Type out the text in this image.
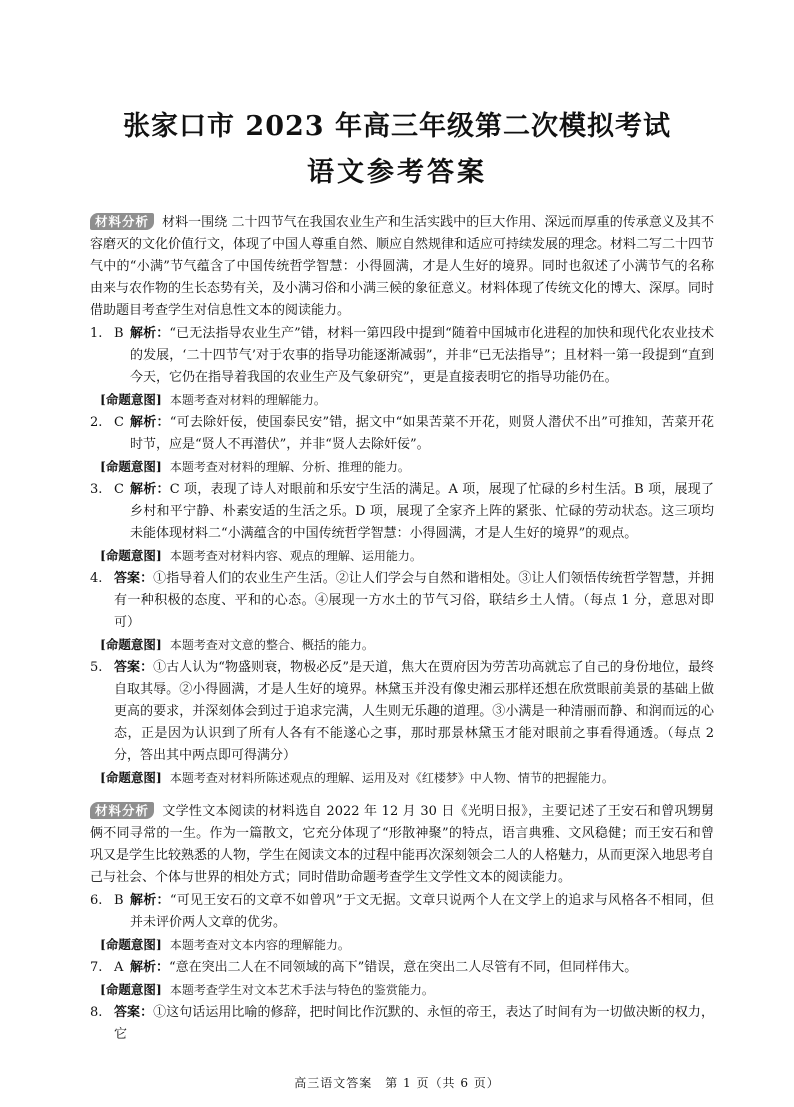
张家口市 2023 年高三年级第二次模拟考试
语文参考答案

材料分析 材料一围绕 二十四节气在我国农业生产和生活实践中的巨大作用、深远而厚重的传承意义及其不容磨灭的文化价值行文，体现了中国人尊重自然、顺应自然规律和适应可持续发展的理念。材料二写二十四节气中的“小满”节气蕴含了中国传统哲学智慧：小得圆满，才是人生好的境界。同时也叙述了小满节气的名称由来与农作物的生长态势有关，及小满习俗和小满三候的象征意义。材料体现了传统文化的博大、深厚。同时借助题目考查学生对信息性文本的阅读能力。

1. B 解析：“已无法指导农业生产”错，材料一第四段中提到“随着中国城市化进程的加快和现代化农业技术的发展，‘二十四节气’对于农事的指导功能逐渐减弱”，并非“已无法指导”；且材料一第一段提到“直到今天，它仍在指导着我国的农业生产及气象研究”，更是直接表明它的指导功能仍在。
[命题意图] 本题考查对材料的理解能力。
2. C 解析：“可去除奸佞，使国泰民安”错，据文中“如果苦菜不开花，则贤人潜伏不出”可推知，苦菜开花时节，应是“贤人不再潜伏”，并非“贤人去除奸佞”。
[命题意图] 本题考查对材料的理解、分析、推理的能力。
3. C 解析：C 项，表现了诗人对眼前和乐安宁生活的满足。A 项，展现了忙碌的乡村生活。B 项，展现了乡村和平宁静、朴素安适的生活之乐。D 项，展现了全家齐上阵的紧张、忙碌的劳动状态。这三项均未能体现材料二“小满蕴含的中国传统哲学智慧：小得圆满，才是人生好的境界”的观点。
[命题意图] 本题考查对材料内容、观点的理解、运用能力。
4. 答案：①指导着人们的农业生产生活。②让人们学会与自然和谐相处。③让人们领悟传统哲学智慧，并拥有一种积极的态度、平和的心态。④展现一方水土的节气习俗，联结乡土人情。（每点 1 分，意思对即可）
[命题意图] 本题考查对文意的整合、概括的能力。
5. 答案：①古人认为“物盛则衰，物极必反”是天道，焦大在贾府因为劳苦功高就忘了自己的身份地位，最终自取其辱。②小得圆满，才是人生好的境界。林黛玉并没有像史湘云那样还想在欣赏眼前美景的基础上做更高的要求，并深刻体会到过于追求完满，人生则无乐趣的道理。③小满是一种清丽而静、和润而远的心态，正是因为认识到了所有人各有不能遂心之事，那时那景林黛玉才能对眼前之事看得通透。（每点 2 分，答出其中两点即可得满分）
[命题意图] 本题考查对材料所陈述观点的理解、运用及对《红楼梦》中人物、情节的把握能力。

材料分析 文学性文本阅读的材料选自 2022 年 12 月 30 日《光明日报》，主要记述了王安石和曾巩甥舅俩不同寻常的一生。作为一篇散文，它充分体现了“形散神聚”的特点，语言典雅、文风稳健；而王安石和曾巩又是学生比较熟悉的人物，学生在阅读文本的过程中能再次深刻领会二人的人格魅力，从而更深入地思考自己与社会、个体与世界的相处方式；同时借助命题考查学生文学性文本的阅读能力。

6. B 解析：“可见王安石的文章不如曾巩”于文无据。文章只说两个人在文学上的追求与风格各不相同，但并未评价两人文章的优劣。
[命题意图] 本题考查对文本内容的理解能力。
7. A 解析：“意在突出二人在不同领域的高下”错误，意在突出二人尽管有不同，但同样伟大。
[命题意图] 本题考查学生对文本艺术手法与特色的鉴赏能力。
8. 答案：①这句话运用比喻的修辞，把时间比作沉默的、永恒的帝王，表达了时间有为一切做决断的权力，它
高三语文答案　第 1 页（共 6 页）
